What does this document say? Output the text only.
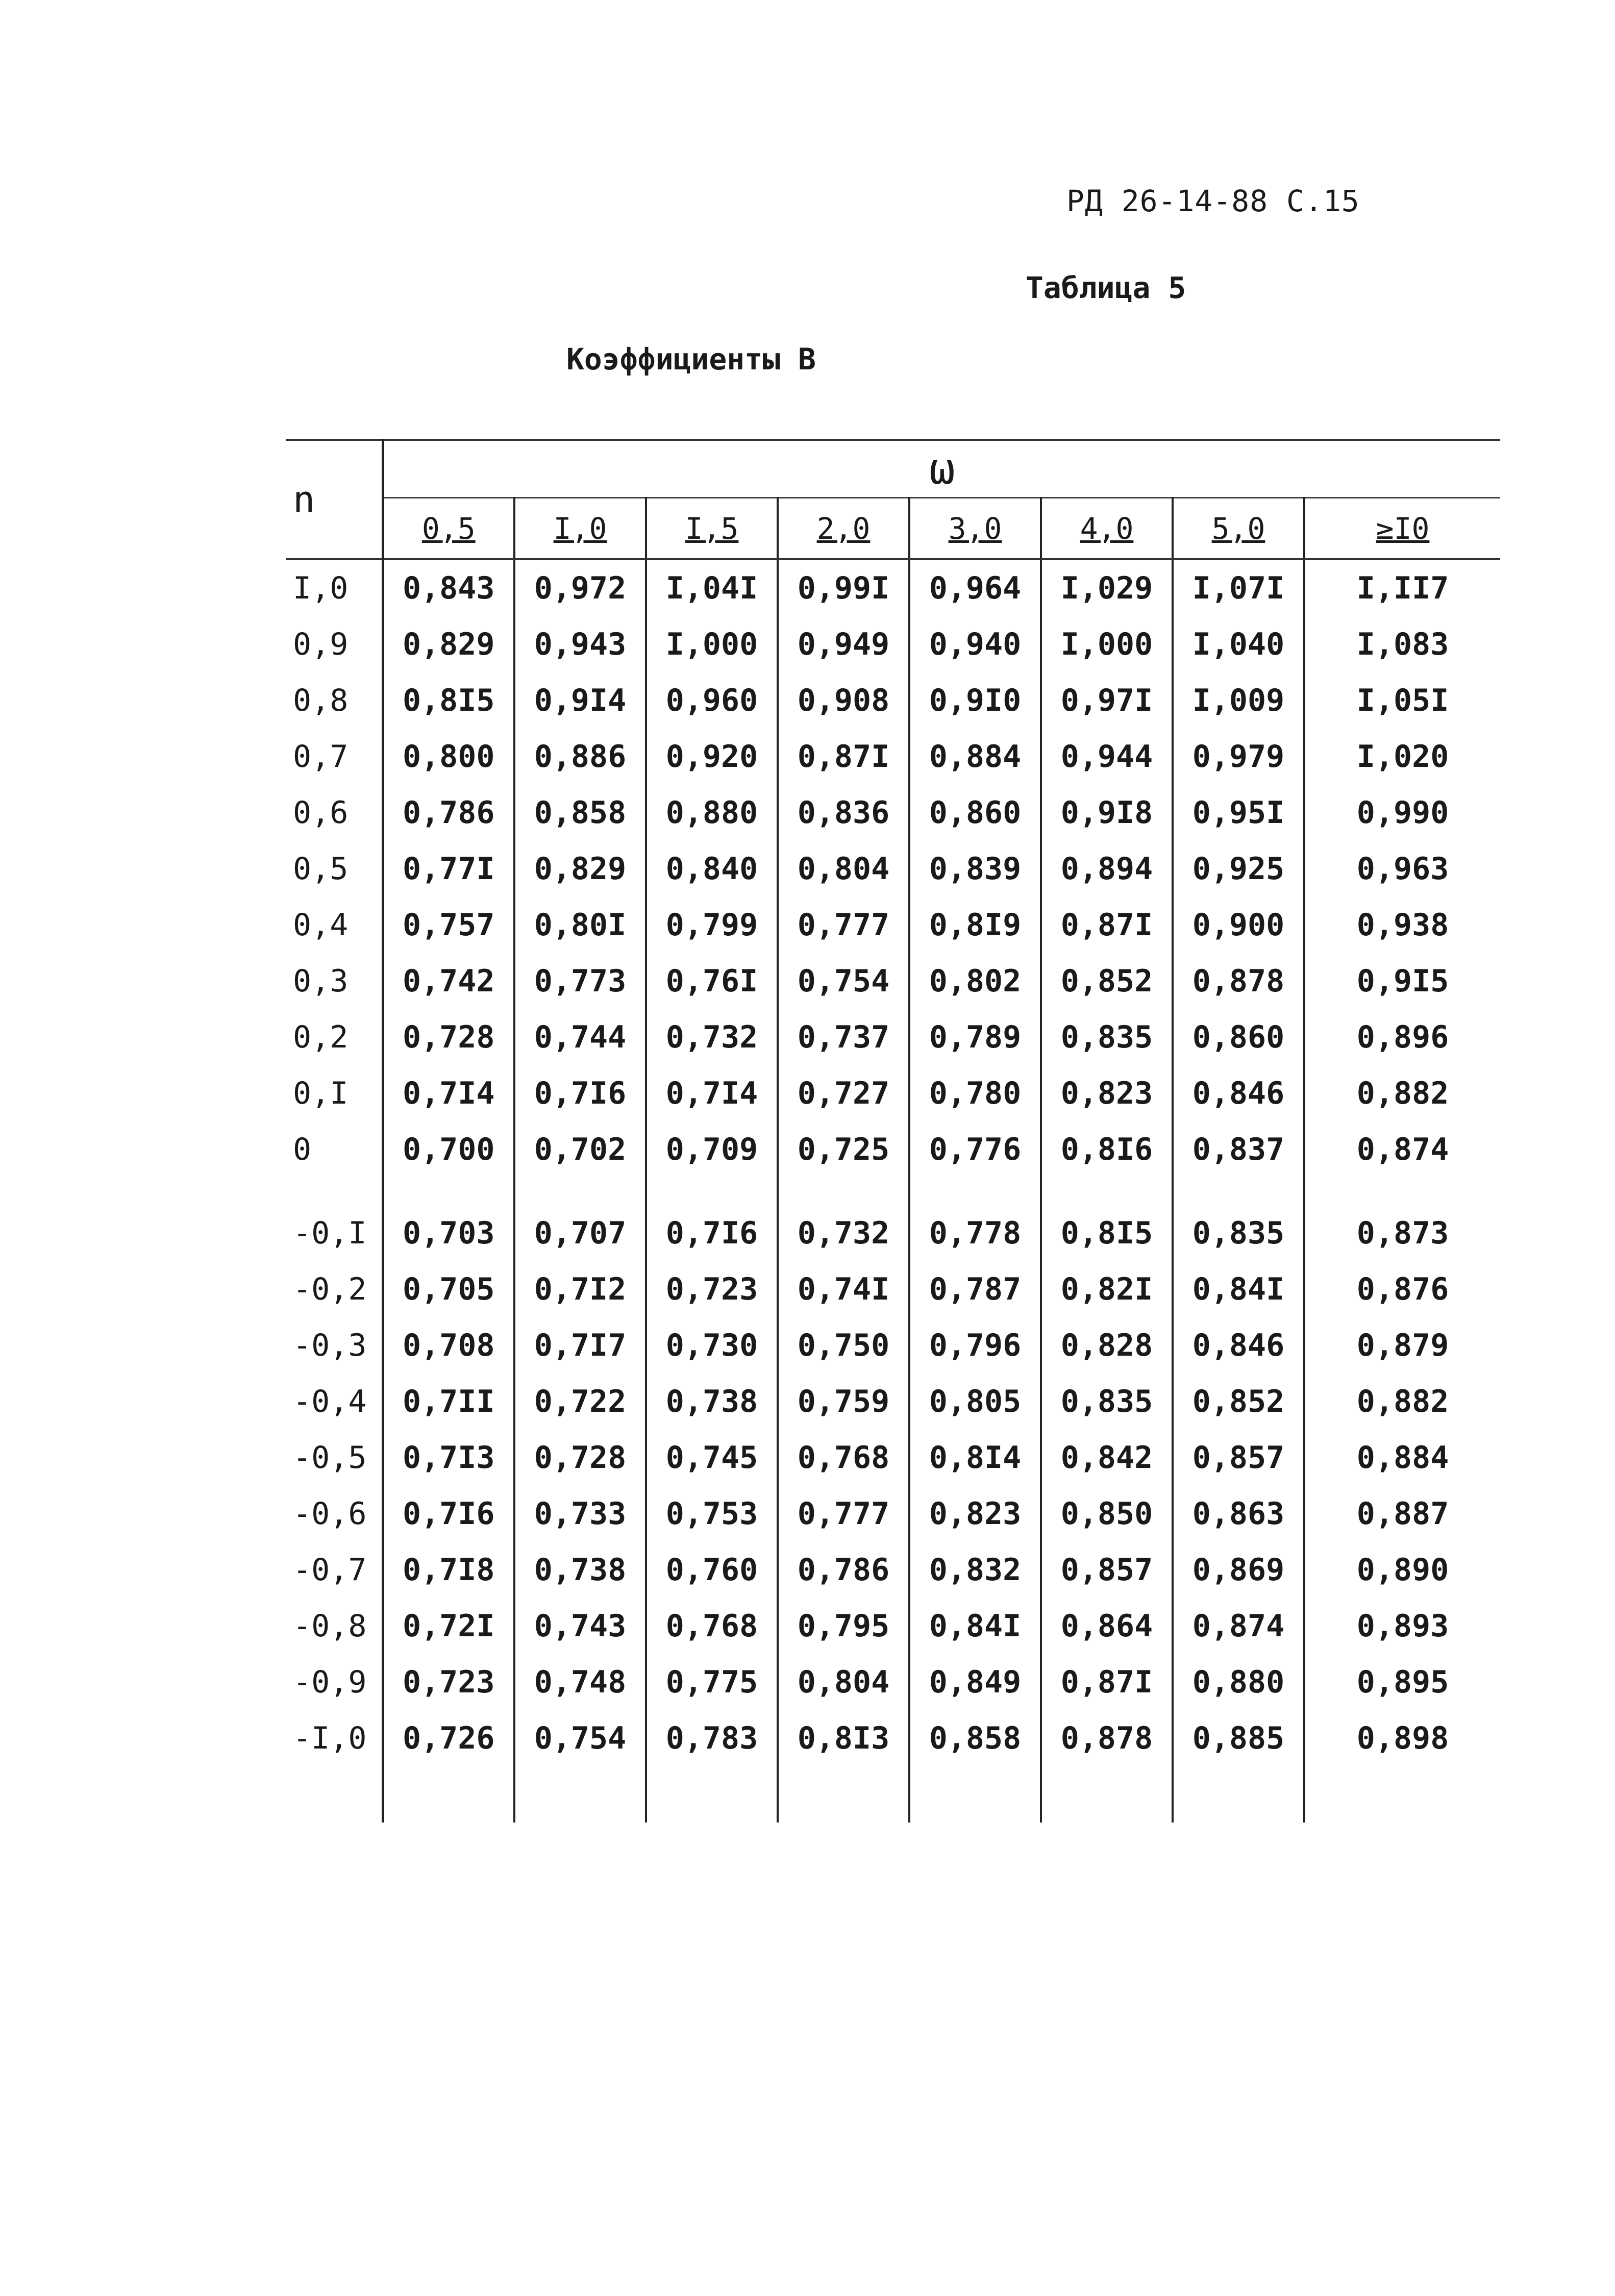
РД 26-14-88 С.15
Таблица 5
Коэффициенты В
n	ω							
	0,5	I,0	I,5	2,0	3,0	4,0	5,0	≥I0
I,0	0,843	0,972	I,04I	0,99I	0,964	I,029	I,07I	I,II7
0,9	0,829	0,943	I,000	0,949	0,940	I,000	I,040	I,083
0,8	0,8I5	0,9I4	0,960	0,908	0,9I0	0,97I	I,009	I,05I
0,7	0,800	0,886	0,920	0,87I	0,884	0,944	0,979	I,020
0,6	0,786	0,858	0,880	0,836	0,860	0,9I8	0,95I	0,990
0,5	0,77I	0,829	0,840	0,804	0,839	0,894	0,925	0,963
0,4	0,757	0,80I	0,799	0,777	0,8I9	0,87I	0,900	0,938
0,3	0,742	0,773	0,76I	0,754	0,802	0,852	0,878	0,9I5
0,2	0,728	0,744	0,732	0,737	0,789	0,835	0,860	0,896
0,I	0,7I4	0,7I6	0,7I4	0,727	0,780	0,823	0,846	0,882
0	0,700	0,702	0,709	0,725	0,776	0,8I6	0,837	0,874

-0,I	0,703	0,707	0,7I6	0,732	0,778	0,8I5	0,835	0,873
-0,2	0,705	0,7I2	0,723	0,74I	0,787	0,82I	0,84I	0,876
-0,3	0,708	0,7I7	0,730	0,750	0,796	0,828	0,846	0,879
-0,4	0,7II	0,722	0,738	0,759	0,805	0,835	0,852	0,882
-0,5	0,7I3	0,728	0,745	0,768	0,8I4	0,842	0,857	0,884
-0,6	0,7I6	0,733	0,753	0,777	0,823	0,850	0,863	0,887
-0,7	0,7I8	0,738	0,760	0,786	0,832	0,857	0,869	0,890
-0,8	0,72I	0,743	0,768	0,795	0,84I	0,864	0,874	0,893
-0,9	0,723	0,748	0,775	0,804	0,849	0,87I	0,880	0,895
-I,0	0,726	0,754	0,783	0,8I3	0,858	0,878	0,885	0,898
